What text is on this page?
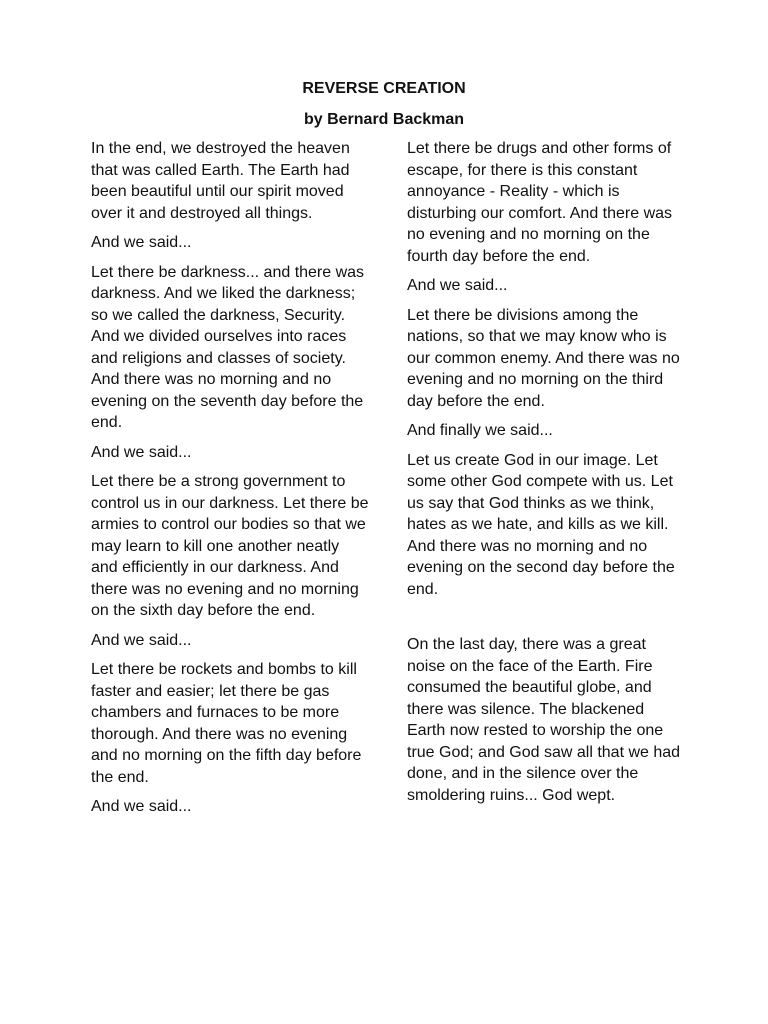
REVERSE CREATION
by Bernard Backman

In the end, we destroyed the heaven that was called Earth. The Earth had been beautiful until our spirit moved over it and destroyed all things.

And we said...

Let there be darkness... and there was darkness. And we liked the darkness; so we called the darkness, Security. And we divided ourselves into races and religions and classes of society. And there was no morning and no evening on the seventh day before the end.

And we said...

Let there be a strong government to control us in our darkness. Let there be armies to control our bodies so that we may learn to kill one another neatly and efficiently in our darkness. And there was no evening and no morning on the sixth day before the end.

And we said...

Let there be rockets and bombs to kill faster and easier; let there be gas chambers and furnaces to be more thorough. And there was no evening and no morning on the fifth day before the end.

And we said...

Let there be drugs and other forms of escape, for there is this constant annoyance - Reality - which is disturbing our comfort. And there was no evening and no morning on the fourth day before the end.

And we said...

Let there be divisions among the nations, so that we may know who is our common enemy. And there was no evening and no morning on the third day before the end.

And finally we said...

Let us create God in our image. Let some other God compete with us. Let us say that God thinks as we think, hates as we hate, and kills as we kill. And there was no morning and no evening on the second day before the end.

On the last day, there was a great noise on the face of the Earth. Fire consumed the beautiful globe, and there was silence. The blackened Earth now rested to worship the one true God; and God saw all that we had done, and in the silence over the smoldering ruins... God wept.
